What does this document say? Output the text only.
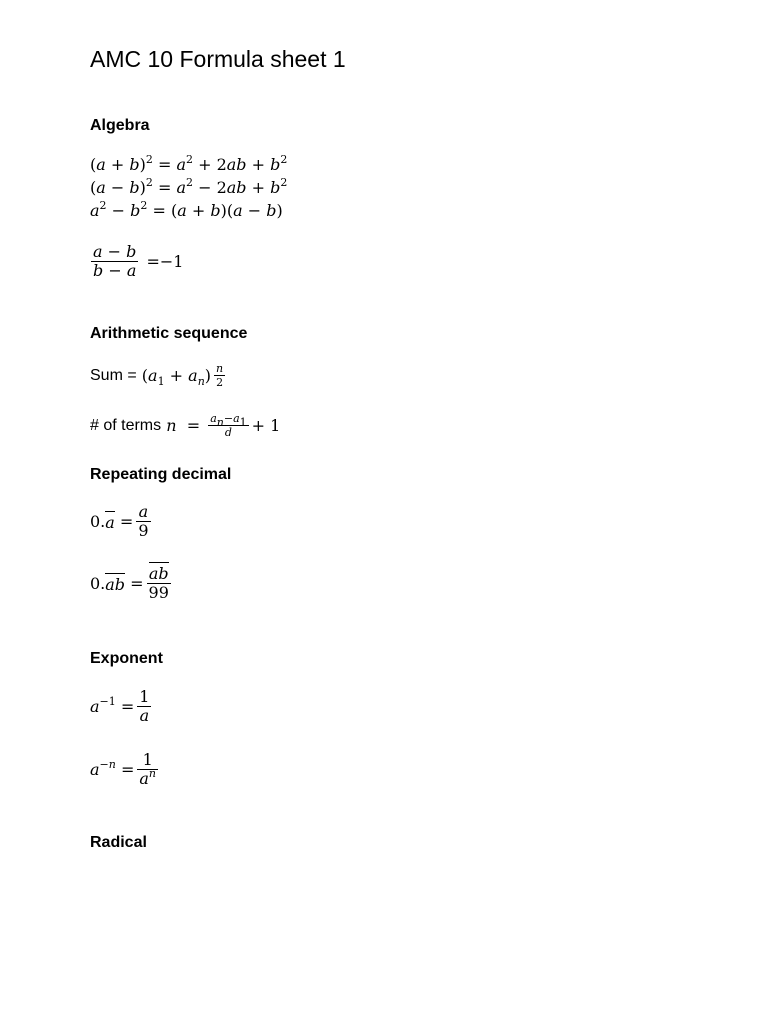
AMC 10 Formula sheet 1
Algebra
$(a + b)^2 = a^2 + 2ab + b^2$
$(a - b)^2 = a^2 - 2ab + b^2$
$a^2 - b^2 = (a + b)(a - b)$
$\frac{a - b}{b - a} = -1$
Arithmetic sequence
Sum = $(a_1 + a_n) \frac{n}{2}$
# of terms $n = \frac{a_n-a_1}{d} + 1$
Repeating decimal
0. $a = \frac{a}{9}$
0. ab = $\frac{ab}{99}$
Exponent
$a^{-1} = \frac{1}{a}$
$a^{-n} = \frac{1}{a^n}$
Radical
